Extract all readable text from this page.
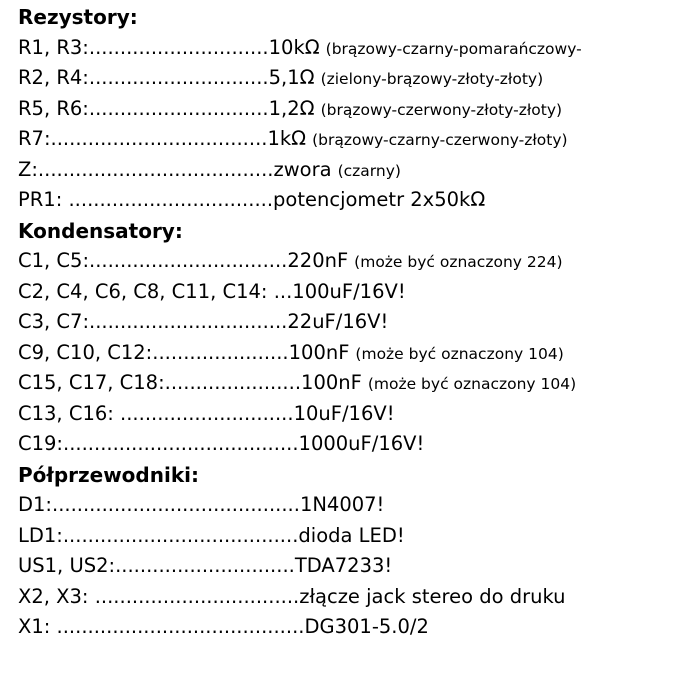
Rezystory:
R1, R3:.............................10kΩ (brązowy-czarny-pomarańczowy-
R2, R4:.............................5,1Ω (zielony-brązowy-złoty-złoty)
R5, R6:.............................1,2Ω (brązowy-czerwony-złoty-złoty)
R7:...................................1kΩ (brązowy-czarny-czerwony-złoty)
Z:......................................zwora (czarny)
PR1: .................................potencjometr 2x50kΩ
Kondensatory:
C1, C5:................................220nF (może być oznaczony 224)
C2, C4, C6, C8, C11, C14: ...100uF/16V!
C3, C7:................................22uF/16V!
C9, C10, C12:......................100nF (może być oznaczony 104)
C15, C17, C18:......................100nF (może być oznaczony 104)
C13, C16: ............................10uF/16V!
C19:......................................1000uF/16V!
Półprzewodniki:
D1:........................................1N4007!
LD1:......................................dioda LED!
US1, US2:.............................TDA7233!
X2, X3: .................................złącze jack stereo do druku
X1: ........................................DG301-5.0/2
